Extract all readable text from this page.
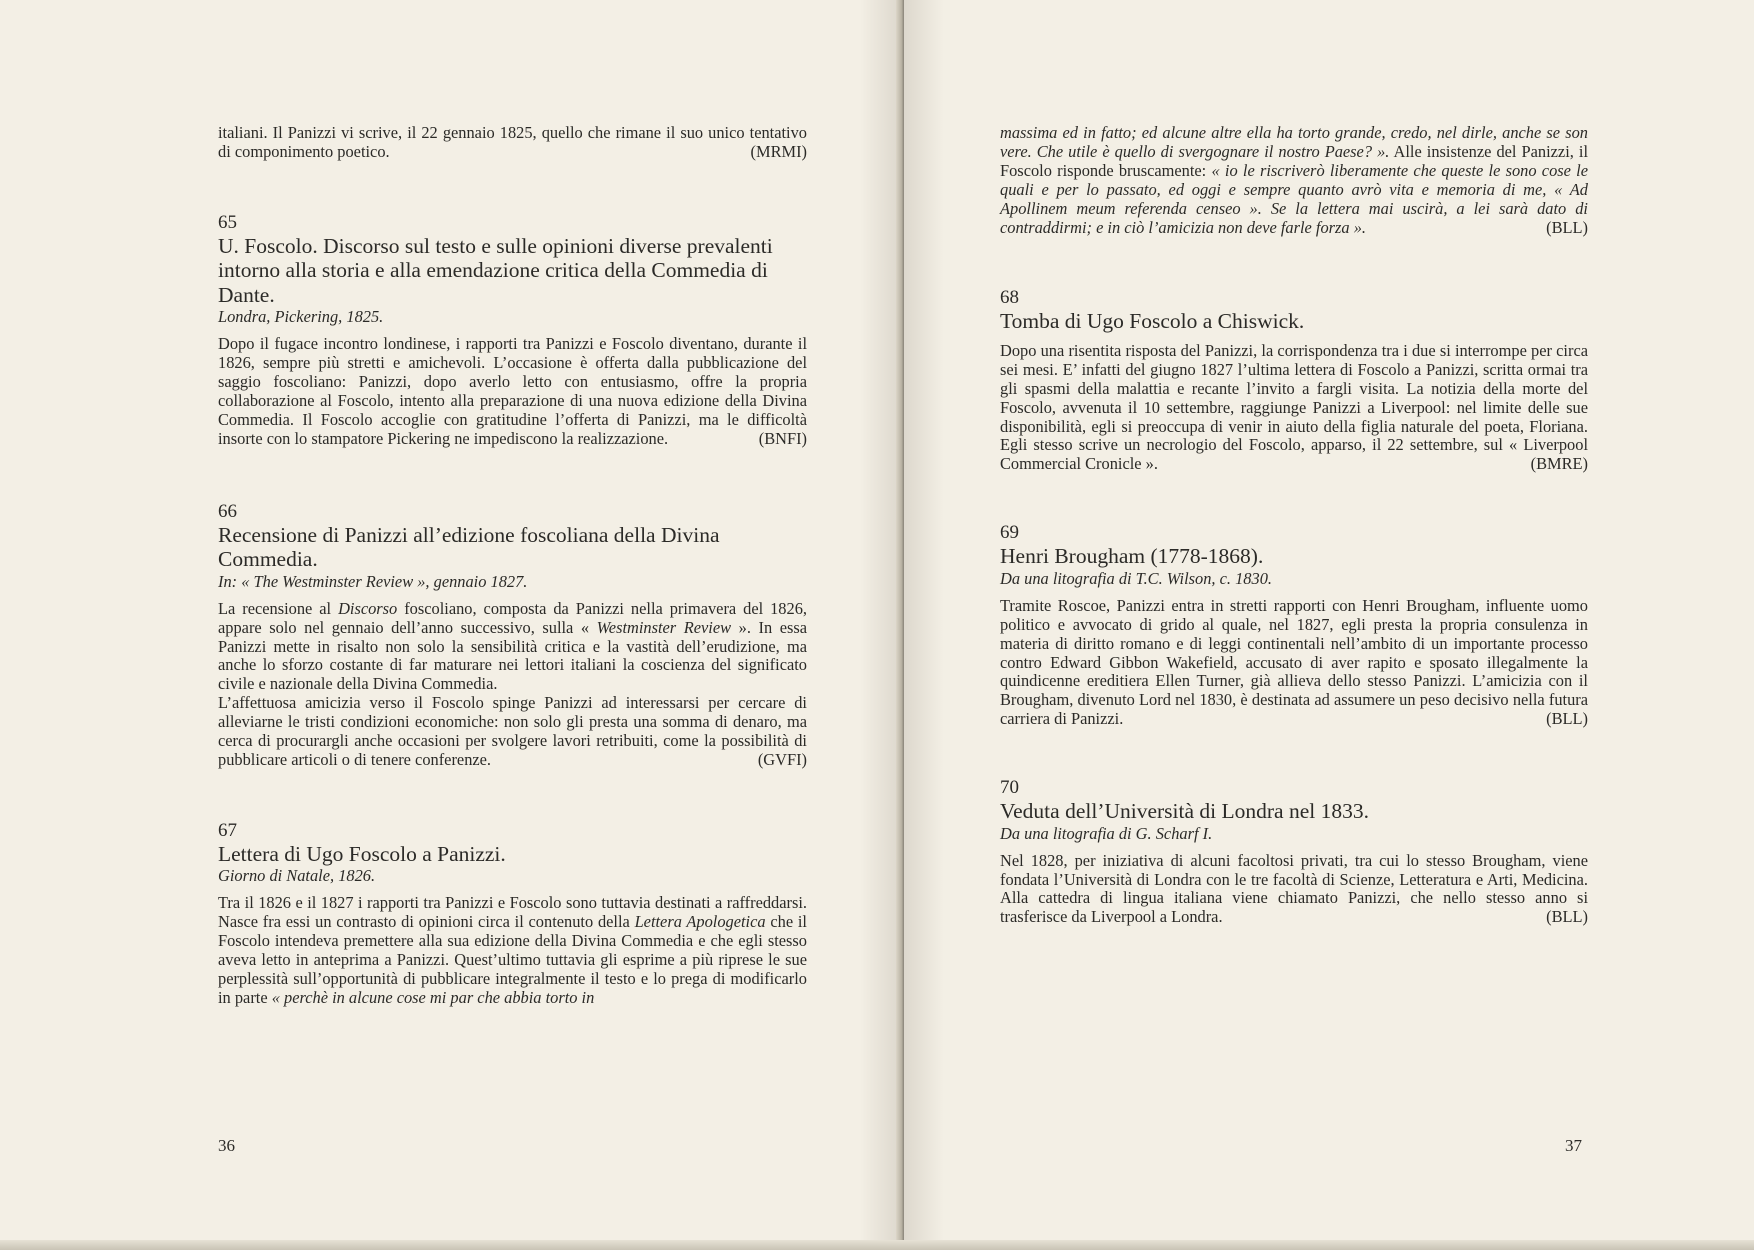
italiani. Il Panizzi vi scrive, il 22 gennaio 1825, quello che rimane il suo unico tentativo di componimento poetico.	(MRMI)

65
U. Foscolo. Discorso sul testo e sulle opinioni diverse prevalenti intorno alla storia e alla emendazione critica della Commedia di Dante.
Londra, Pickering, 1825.

Dopo il fugace incontro londinese, i rapporti tra Panizzi e Foscolo diventano, durante il 1826, sempre più stretti e amichevoli. L’occasione è offerta dalla pubblicazione del saggio foscoliano: Panizzi, dopo averlo letto con entusiasmo, offre la propria collaborazione al Foscolo, intento alla preparazione di una nuova edizione della Divina Commedia. Il Foscolo accoglie con gratitudine l’offerta di Panizzi, ma le difficoltà insorte con lo stampatore Pickering ne impediscono la realizzazione.	(BNFI)

66
Recensione di Panizzi all’edizione foscoliana della Divina Commedia.
In: « The Westminster Review », gennaio 1827.

La recensione al Discorso foscoliano, composta da Panizzi nella primavera del 1826, appare solo nel gennaio dell’anno successivo, sulla « Westminster Review ». In essa Panizzi mette in risalto non solo la sensibilità critica e la vastità dell’erudizione, ma anche lo sforzo costante di far maturare nei lettori italiani la coscienza del significato civile e nazionale della Divina Commedia.

L’affettuosa amicizia verso il Foscolo spinge Panizzi ad interessarsi per cercare di alleviarne le tristi condizioni economiche: non solo gli presta una somma di denaro, ma cerca di procurargli anche occasioni per svolgere lavori retribuiti, come la possibilità di pubblicare articoli o di tenere conferenze.	(GVFI)

67
Lettera di Ugo Foscolo a Panizzi.
Giorno di Natale, 1826.

Tra il 1826 e il 1827 i rapporti tra Panizzi e Foscolo sono tuttavia destinati a raffreddarsi. Nasce fra essi un contrasto di opinioni circa il contenuto della Lettera Apologetica che il Foscolo intendeva premettere alla sua edizione della Divina Commedia e che egli stesso aveva letto in anteprima a Panizzi. Quest’ultimo tuttavia gli esprime a più riprese le sue perplessità sull’opportunità di pubblicare integralmente il testo e lo prega di modificarlo in parte « perchè in alcune cose mi par che abbia torto in

36

massima ed in fatto; ed alcune altre ella ha torto grande, credo, nel dirle, anche se son vere. Che utile è quello di svergognare il nostro Paese? ». Alle insistenze del Panizzi, il Foscolo risponde bruscamente: « io le riscriverò liberamente che queste le sono cose le quali e per lo passato, ed oggi e sempre quanto avrò vita e memoria di me, « Ad Apollinem meum referenda censeo ». Se la lettera mai uscirà, a lei sarà dato di contraddirmi; e in ciò l’amicizia non deve farle forza ».	(BLL)

68
Tomba di Ugo Foscolo a Chiswick.

Dopo una risentita risposta del Panizzi, la corrispondenza tra i due si interrompe per circa sei mesi. E’ infatti del giugno 1827 l’ultima lettera di Foscolo a Panizzi, scritta ormai tra gli spasmi della malattia e recante l’invito a fargli visita. La notizia della morte del Foscolo, avvenuta il 10 settembre, raggiunge Panizzi a Liverpool: nel limite delle sue disponibilità, egli si preoccupa di venir in aiuto della figlia naturale del poeta, Floriana. Egli stesso scrive un necrologio del Foscolo, apparso, il 22 settembre, sul « Liverpool Commercial Cronicle ».	(BMRE)

69
Henri Brougham (1778-1868).
Da una litografia di T.C. Wilson, c. 1830.

Tramite Roscoe, Panizzi entra in stretti rapporti con Henri Brougham, influente uomo politico e avvocato di grido al quale, nel 1827, egli presta la propria consulenza in materia di diritto romano e di leggi continentali nell’ambito di un importante processo contro Edward Gibbon Wakefield, accusato di aver rapito e sposato illegalmente la quindicenne ereditiera Ellen Turner, già allieva dello stesso Panizzi. L’amicizia con il Brougham, divenuto Lord nel 1830, è destinata ad assumere un peso decisivo nella futura carriera di Panizzi.	(BLL)

70
Veduta dell’Università di Londra nel 1833.
Da una litografia di G. Scharf I.

Nel 1828, per iniziativa di alcuni facoltosi privati, tra cui lo stesso Brougham, viene fondata l’Università di Londra con le tre facoltà di Scienze, Letteratura e Arti, Medicina. Alla cattedra di lingua italiana viene chiamato Panizzi, che nello stesso anno si trasferisce da Liverpool a Londra.	(BLL)

37
